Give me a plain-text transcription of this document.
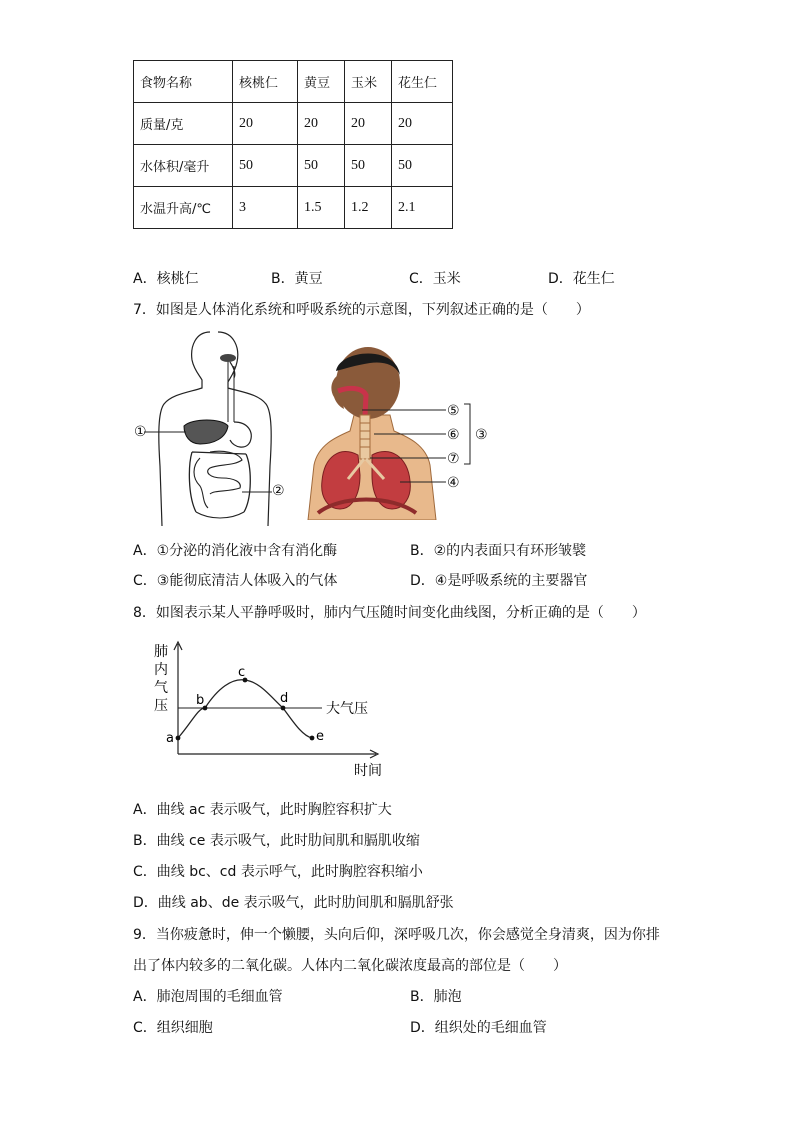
食物名称	核桃仁	黄豆	玉米	花生仁
质量/克	20	20	20	20
水体积/毫升	50	50	50	50
水温升高/℃	3	1.5	1.2	2.1
A．核桃仁	B．黄豆	C．玉米	D．花生仁
7．如图是人体消化系统和呼吸系统的示意图，下列叙述正确的是（　　）
①
②
⑤
⑥
⑦
③
④
A．①分泌的消化液中含有消化酶	B．②的内表面只有环形皱襞
C．③能彻底清洁人体吸入的气体	D．④是呼吸系统的主要器官
8．如图表示某人平静呼吸时，肺内气压随时间变化曲线图，分析正确的是（　　）
a
b
c
d
e
大气压
时间
肺
内
气
压
A．曲线 ac 表示吸气，此时胸腔容积扩大
B．曲线 ce 表示吸气，此时肋间肌和膈肌收缩
C．曲线 bc、cd 表示呼气，此时胸腔容积缩小
D．曲线 ab、de 表示吸气，此时肋间肌和膈肌舒张
9．当你疲惫时，伸一个懒腰，头向后仰，深呼吸几次，你会感觉全身清爽，因为你排
出了体内较多的二氧化碳。人体内二氧化碳浓度最高的部位是（　　）
A．肺泡周围的毛细血管	B．肺泡
C．组织细胞	D．组织处的毛细血管
